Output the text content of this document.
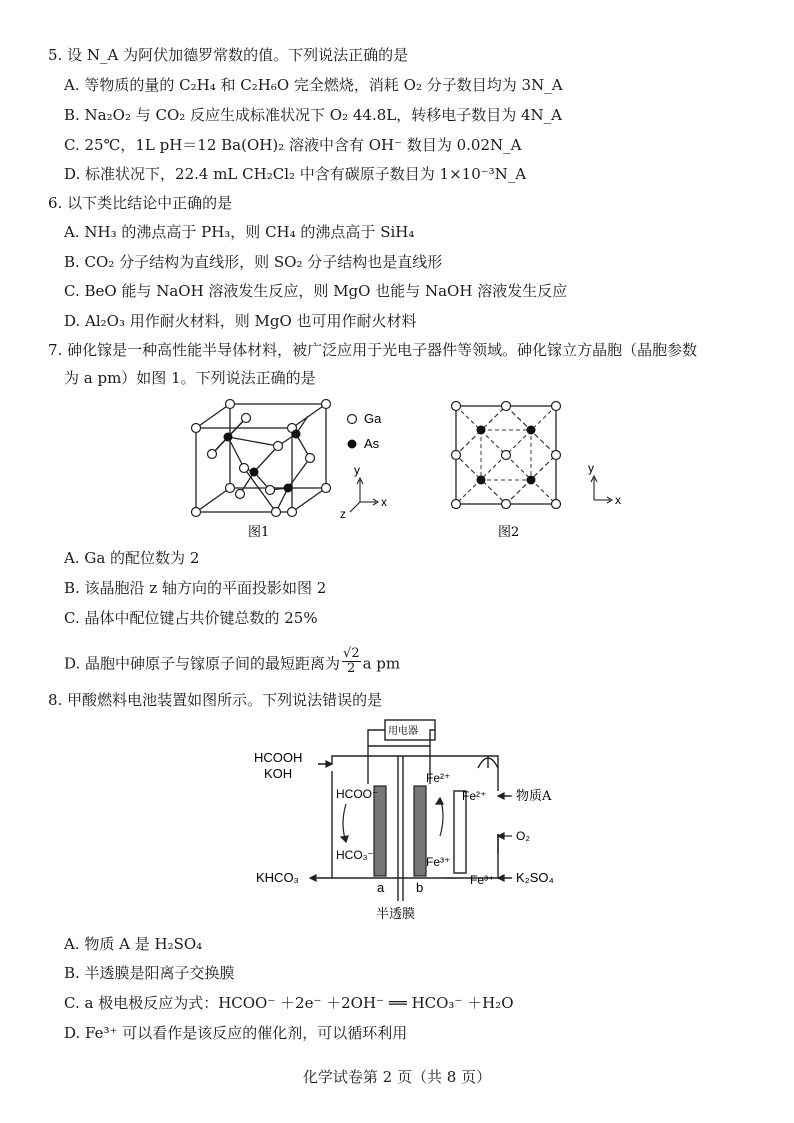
5. 设 N_A 为阿伏加德罗常数的值。下列说法正确的是
A. 等物质的量的 C₂H₄ 和 C₂H₆O 完全燃烧，消耗 O₂ 分子数目均为 3N_A
B. Na₂O₂ 与 CO₂ 反应生成标准状况下 O₂ 44.8L，转移电子数目为 4N_A
C. 25℃，1L pH＝12 Ba(OH)₂ 溶液中含有 OH⁻ 数目为 0.02N_A
D. 标准状况下，22.4 mL CH₂Cl₂ 中含有碳原子数目为 1×10⁻³N_A
6. 以下类比结论中正确的是
A. NH₃ 的沸点高于 PH₃，则 CH₄ 的沸点高于 SiH₄
B. CO₂ 分子结构为直线形，则 SO₂ 分子结构也是直线形
C. BeO 能与 NaOH 溶液发生反应，则 MgO 也能与 NaOH 溶液发生反应
D. Al₂O₃ 用作耐火材料，则 MgO 也可用作耐火材料
7. 砷化镓是一种高性能半导体材料，被广泛应用于光电子器件等领域。砷化镓立方晶胞（晶胞参数
为 a pm）如图 1。下列说法正确的是
Ga
As
y
x
z
图1
y
x
图2
A. Ga 的配位数为 2
B. 该晶胞沿 z 轴方向的平面投影如图 2
C. 晶体中配位键占共价键总数的 25%
D. 晶胞中砷原子与镓原子间的最短距离为 $\frac{√2}{2}$ a pm
8. 甲酸燃料电池装置如图所示。下列说法错误的是
HCOOH
KOH
用电器
HCOO⁻
HCO₃⁻
Fe²⁺
Fe³⁺
Fe²⁺
Fe³⁺
物质A
O₂
KHCO₃	K₂SO₄
a b
半透膜
A. 物质 A 是 H₂SO₄
B. 半透膜是阳离子交换膜
C. a 极电极反应为式：HCOO⁻ ＋2e⁻ ＋2OH⁻ ══ HCO₃⁻ ＋H₂O
D. Fe³⁺ 可以看作是该反应的催化剂，可以循环利用
化学试卷第 2 页（共 8 页）
